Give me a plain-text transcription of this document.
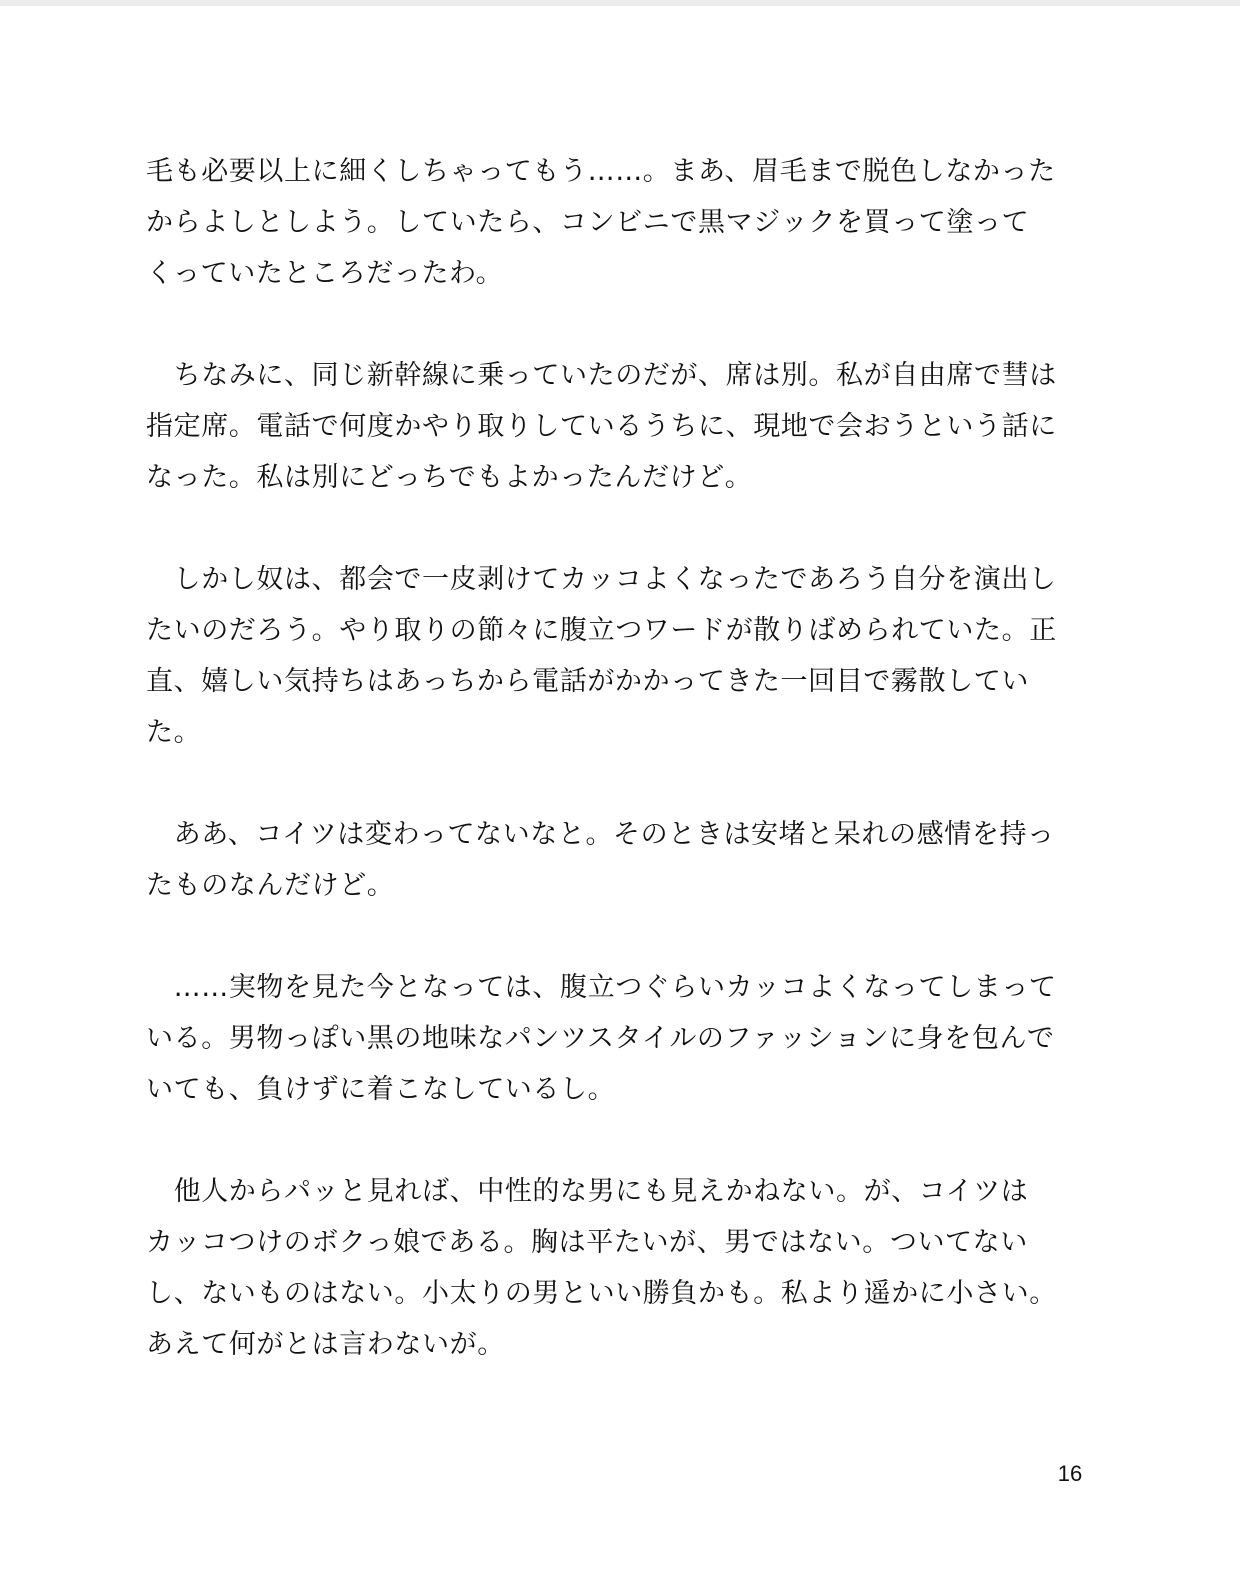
毛も必要以上に細くしちゃってもう……。まあ、眉毛まで脱色しなかった
からよしとしよう。していたら、コンビニで黒マジックを買って塗って
くっていたところだったわ。
　ちなみに、同じ新幹線に乗っていたのだが、席は別。私が自由席で彗は
指定席。電話で何度かやり取りしているうちに、現地で会おうという話に
なった。私は別にどっちでもよかったんだけど。
　しかし奴は、都会で一皮剥けてカッコよくなったであろう自分を演出し
たいのだろう。やり取りの節々に腹立つワードが散りばめられていた。正
直、嬉しい気持ちはあっちから電話がかかってきた一回目で霧散してい
た。
　ああ、コイツは変わってないなと。そのときは安堵と呆れの感情を持っ
たものなんだけど。
　……実物を見た今となっては、腹立つぐらいカッコよくなってしまって
いる。男物っぽい黒の地味なパンツスタイルのファッションに身を包んで
いても、負けずに着こなしているし。
　他人からパッと見れば、中性的な男にも見えかねない。が、コイツは
カッコつけのボクっ娘である。胸は平たいが、男ではない。ついてない
し、ないものはない。小太りの男といい勝負かも。私より遥かに小さい。
あえて何がとは言わないが。
16
